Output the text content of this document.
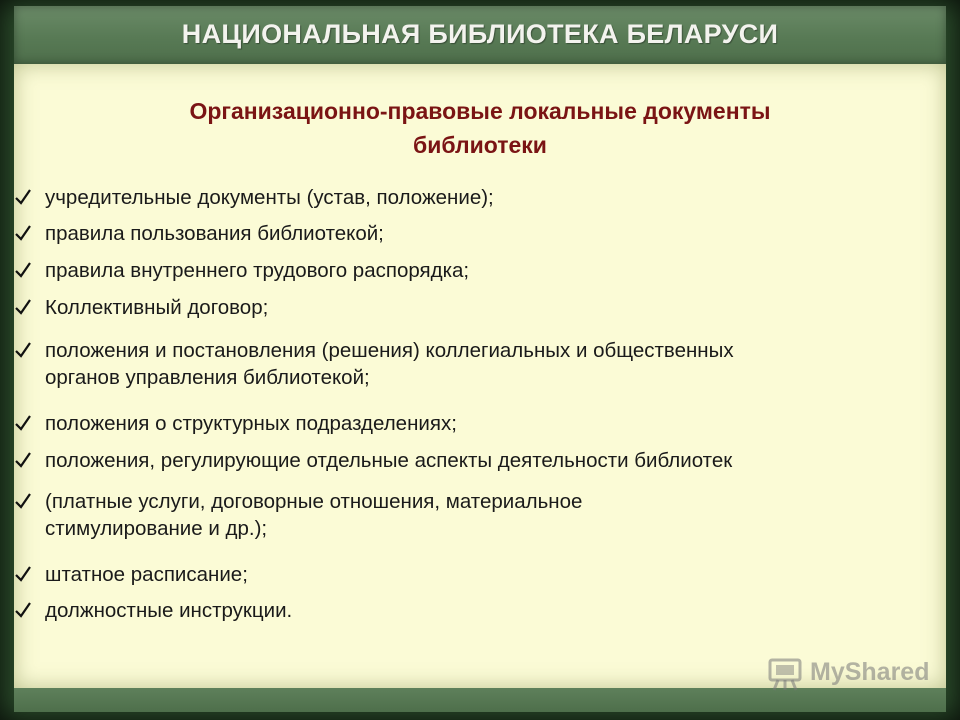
НАЦИОНАЛЬНАЯ БИБЛИОТЕКА БЕЛАРУСИ
Организационно-правовые локальные документы
библиотеки
учредительные документы (устав, положение);
правила пользования библиотекой;
правила внутреннего трудового распорядка;
Коллективный договор;
положения и постановления (решения) коллегиальных и общественных
органов управления библиотекой;
положения о структурных подразделениях;
положения, регулирующие отдельные аспекты деятельности библиотек
(платные услуги, договорные отношения, материальное
стимулирование и др.);
штатное расписание;
должностные инструкции.
MyShared
